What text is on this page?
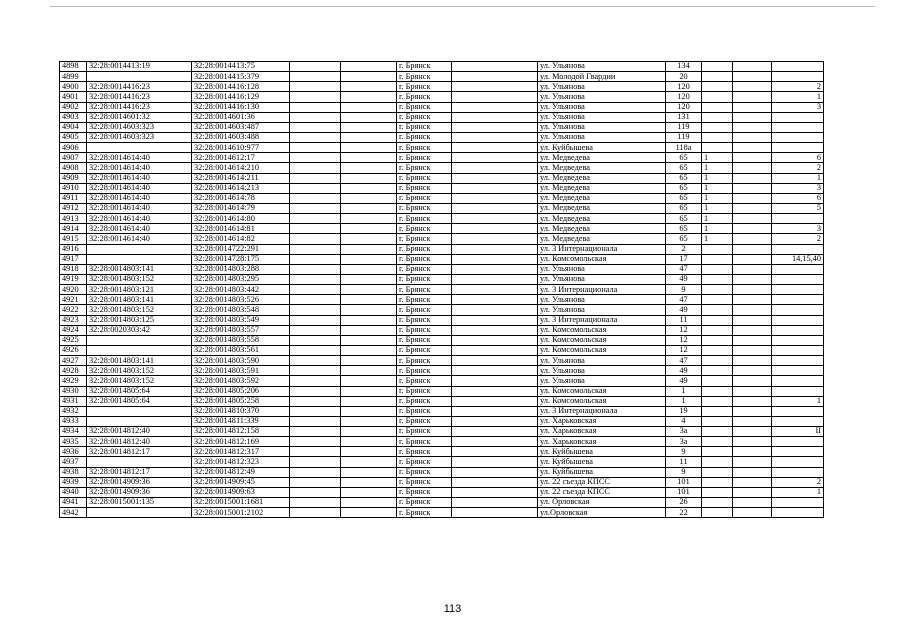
4898	32:28:0014413:19	32:28:0014413:75			г. Брянск		ул. Ульянова	134			
4899		32:28:0014415:379			г. Брянск		ул. Молодой Гвардии	20			
4900	32:28:0014416:23	32:28:0014416:128			г. Брянск		ул. Ульянова	120			2
4901	32:28:0014416:23	32:28:0014416:129			г. Брянск		ул. Ульянова	120			1
4902	32:28:0014416:23	32:28:0014416:130			г. Брянск		ул. Ульянова	120			3
4903	32:28:0014601:32	32:28:0014601:36			г. Брянск		ул. Ульянова	131			
4904	32:28:0014603:323	32:28:0014603:487			г. Брянск		ул. Ульянова	119			
4905	32:28:0014603:323	32:28:0014603:488			г. Брянск		ул. Ульянова	119			
4906		32:28:0014610:977			г. Брянск		ул. Куйбышева	118а			
4907	32:28:0014614:40	32:28:0014612:17			г. Брянск		ул. Медведева	65	1		6
4908	32:28:0014614:40	32:28:0014614:210			г. Брянск		ул. Медведева	65	1		2
4909	32:28:0014614:40	32:28:0014614:211			г. Брянск		ул. Медведева	65	1		1
4910	32:28:0014614:40	32:28:0014614:213			г. Брянск		ул. Медведева	65	1		3
4911	32:28:0014614:40	32:28:0014614:78			г. Брянск		ул. Медведева	65	1		6
4912	32:28:0014614:40	32:28:0014614:79			г. Брянск		ул. Медведева	65	1		5
4913	32:28:0014614:40	32:28:0014614:80			г. Брянск		ул. Медведева	65	1		
4914	32:28:0014614:40	32:28:0014614:81			г. Брянск		ул. Медведева	65	1		3
4915	32:28:0014614:40	32:28:0014614:82			г. Брянск		ул. Медведева	65	1		2
4916		32:28:0014722:291			г. Брянск		ул. 3 Интернационала	2			
4917		32:28:0014728:175			г. Брянск		ул. Комсомольская	17			14,15,40
4918	32:28:0014803:141	32:28:0014803:288			г. Брянск		ул. Ульянова	47			
4919	32:28:0014803:152	32:28:0014803:295			г. Брянск		ул. Ульянова	49			
4920	32:28:0014803:121	32:28:0014803:442			г. Брянск		ул. 3 Интернационала	9			
4921	32:28:0014803:141	32:28:0014803:526			г. Брянск		ул. Ульянова	47			
4922	32:28:0014803:152	32:28:0014803:548			г. Брянск		ул. Ульянова	49			
4923	32:28:0014803:125	32:28:0014803:549			г. Брянск		ул. 3 Интернационала	11			
4924	32:28:0020303:42	32:28:0014803:557			г. Брянск		ул. Комсомольская	12			
4925		32:28:0014803:558			г. Брянск		ул. Комсомольская	12			
4926		32:28:0014803:561			г. Брянск		ул. Комсомольская	12			
4927	32:28:0014803:141	32:28:0014803:590			г. Брянск		ул. Ульянова	47			
4928	32:28:0014803:152	32:28:0014803:591			г. Брянск		ул. Ульянова	49			
4929	32:28:0014803:152	32:28:0014803:592			г. Брянск		ул. Ульянова	49			
4930	32:28:0014805:64	32:28:0014805:206			г. Брянск		ул. Комсомольская	1			
4931	32:28:0014805:64	32:28:0014805:258			г. Брянск		ул. Комсомольская	1			1
4932		32:28:0014810:370			г. Брянск		ул. 3 Интернационала	19			
4933		32:28:0014811:339			г. Брянск		ул. Харьковская	4			
4934	32:28:0014812:40	32:28:0014812:158			г. Брянск		ул. Харьковская	3а			II
4935	32:28:0014812:40	32:28:0014812:169			г. Брянск		ул. Харьковская	3а			
4936	32:28:0014812:17	32:28:0014812:317			г. Брянск		ул. Куйбышева	9			
4937		32:28:0014812:323			г. Брянск		ул. Куйбышева	11			
4938	32:28:0014812:17	32:28:0014812:49			г. Брянск		ул. Куйбышева	9			
4939	32:28:0014909:36	32:28:0014909:45			г. Брянск		ул. 22 съезда КПСС	101			2
4940	32:28:0014909:36	32:28:0014909:63			г. Брянск		ул. 22 съезда КПСС	101			1
4941	32:28:0015001:135	32:28:0015001:1681			г. Брянск		ул. Орловская	26			
4942		32:28:0015001:2102			г. Брянск		ул.Орловская	22			
113
